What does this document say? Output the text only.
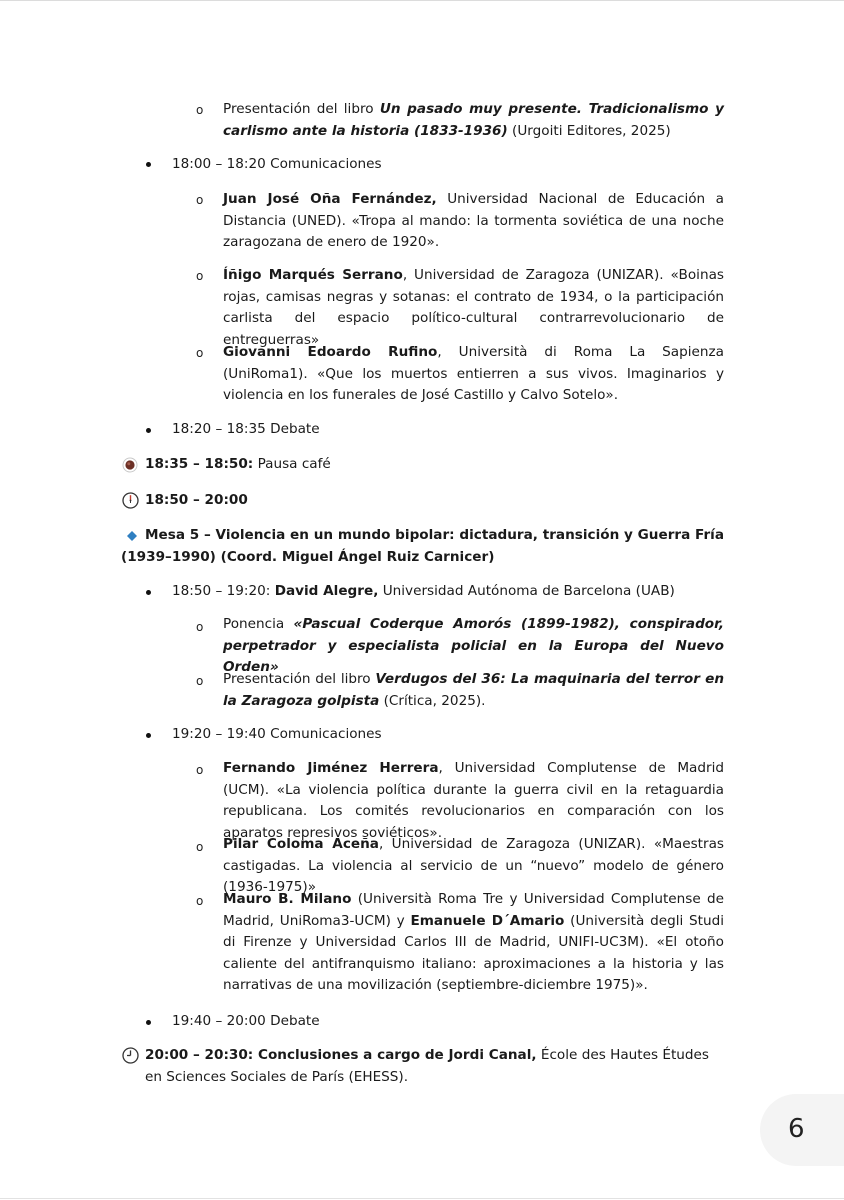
o Presentación del libro Un pasado muy presente. Tradicionalismo y carlismo ante la historia (1833-1936) (Urgoiti Editores, 2025)
18:00 – 18:20 Comunicaciones
o Juan José Oña Fernández, Universidad Nacional de Educación a Distancia (UNED). «Tropa al mando: la tormenta soviética de una noche zaragozana de enero de 1920».
o Íñigo Marqués Serrano, Universidad de Zaragoza (UNIZAR). «Boinas rojas, camisas negras y sotanas: el contrato de 1934, o la participación carlista del espacio político-cultural contrarrevolucionario de entreguerras»
o Giovanni Edoardo Rufino, Università di Roma La Sapienza (UniRoma1). «Que los muertos entierren a sus vivos. Imaginarios y violencia en los funerales de José Castillo y Calvo Sotelo».
18:20 – 18:35 Debate
18:35 – 18:50: Pausa café
18:50 – 20:00
Mesa 5 – Violencia en un mundo bipolar: dictadura, transición y Guerra Fría (1939–1990) (Coord. Miguel Ángel Ruiz Carnicer)
18:50 – 19:20: David Alegre, Universidad Autónoma de Barcelona (UAB)
o Ponencia «Pascual Coderque Amorós (1899-1982), conspirador, perpetrador y especialista policial en la Europa del Nuevo Orden»
o Presentación del libro Verdugos del 36: La maquinaria del terror en la Zaragoza golpista (Crítica, 2025).
19:20 – 19:40 Comunicaciones
o Fernando Jiménez Herrera, Universidad Complutense de Madrid (UCM). «La violencia política durante la guerra civil en la retaguardia republicana. Los comités revolucionarios en comparación con los aparatos represivos soviéticos».
o Pilar Coloma Aceña, Universidad de Zaragoza (UNIZAR). «Maestras castigadas. La violencia al servicio de un “nuevo” modelo de género (1936-1975)»
o Mauro B. Milano (Università Roma Tre y Universidad Complutense de Madrid, UniRoma3-UCM) y Emanuele D´Amario (Università degli Studi di Firenze y Universidad Carlos III de Madrid, UNIFI-UC3M). «El otoño caliente del antifranquismo italiano: aproximaciones a la historia y las narrativas de una movilización (septiembre-diciembre 1975)».
19:40 – 20:00 Debate
20:00 – 20:30: Conclusiones a cargo de Jordi Canal, École des Hautes Études en Sciences Sociales de París (EHESS).
6
